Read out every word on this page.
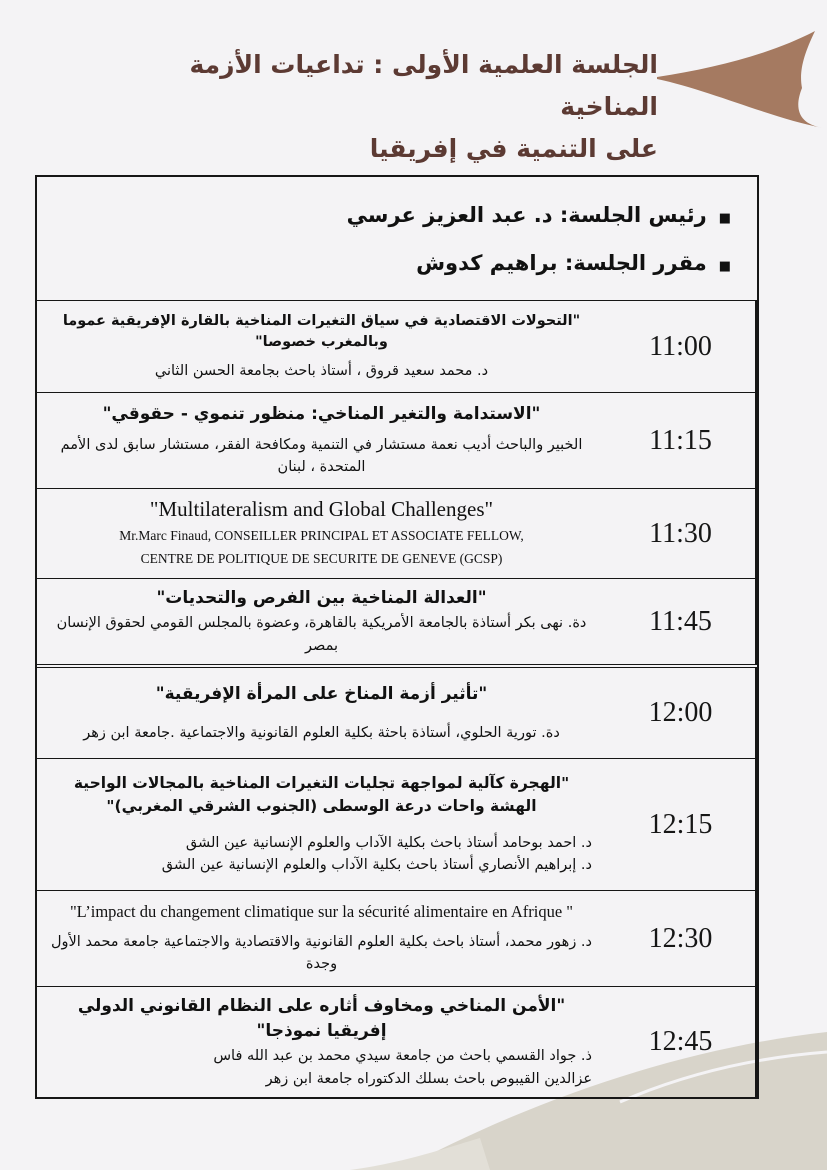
الجلسة العلمية الأولى : تداعيات الأزمة المناخية
على التنمية في إفريقيا
■
رئيس الجلسة: د. عبد العزيز عرسي
■
مقرر الجلسة: براهيم كدوش
"التحولات الاقتصادية في سياق التغيرات المناخية بالقارة الإفريقية عموما وبالمغرب خصوصا"
د. محمد سعيد قروق ، أستاذ باحث بجامعة الحسن الثاني
11:00
"الاستدامة والتغير المناخي: منظور تنموي - حقوقي"
الخبير والباحث أديب نعمة مستشار في التنمية ومكافحة الفقر، مستشار سابق لدى الأمم المتحدة ، لبنان
11:15
"Multilateralism and Global Challenges"
Mr.Marc Finaud, CONSEILLER PRINCIPAL ET ASSOCIATE FELLOW,
CENTRE DE POLITIQUE DE SECURITE DE GENEVE (GCSP)
11:30
"العدالة المناخية بين الفرص والتحديات"
دة. نهى بكر أستاذة بالجامعة الأمريكية بالقاهرة، وعضوة بالمجلس القومي لحقوق الإنسان بمصر
11:45
"تأثير أزمة المناخ على المرأة الإفريقية"
دة. تورية الحلوي، أستاذة باحثة بكلية العلوم القانونية والاجتماعية .جامعة ابن زهر
12:00
"الهجرة كآلية لمواجهة تجليات التغيرات المناخية بالمجالات الواحية الهشة واحات درعة الوسطى (الجنوب الشرقي المغربي)"
د. احمد بوحامد أستاذ باحث بكلية الآداب والعلوم الإنسانية عين الشق
د. إبراهيم الأنصاري أستاذ باحث بكلية الآداب والعلوم الإنسانية عين الشق
12:15
"L’impact du changement climatique sur la sécurité alimentaire en Afrique "
د. زهور محمد، أستاذ باحث بكلية العلوم القانونية والاقتصادية والاجتماعية جامعة محمد الأول وجدة
12:30
"الأمن المناخي ومخاوف أثاره على النظام القانوني الدولي إفريقيا نموذجا"
ذ. جواد القسمي باحث من جامعة سيدي محمد بن عبد الله فاس
عزالدين القيبوص باحث بسلك الدكتوراه جامعة ابن زهر
12:45
